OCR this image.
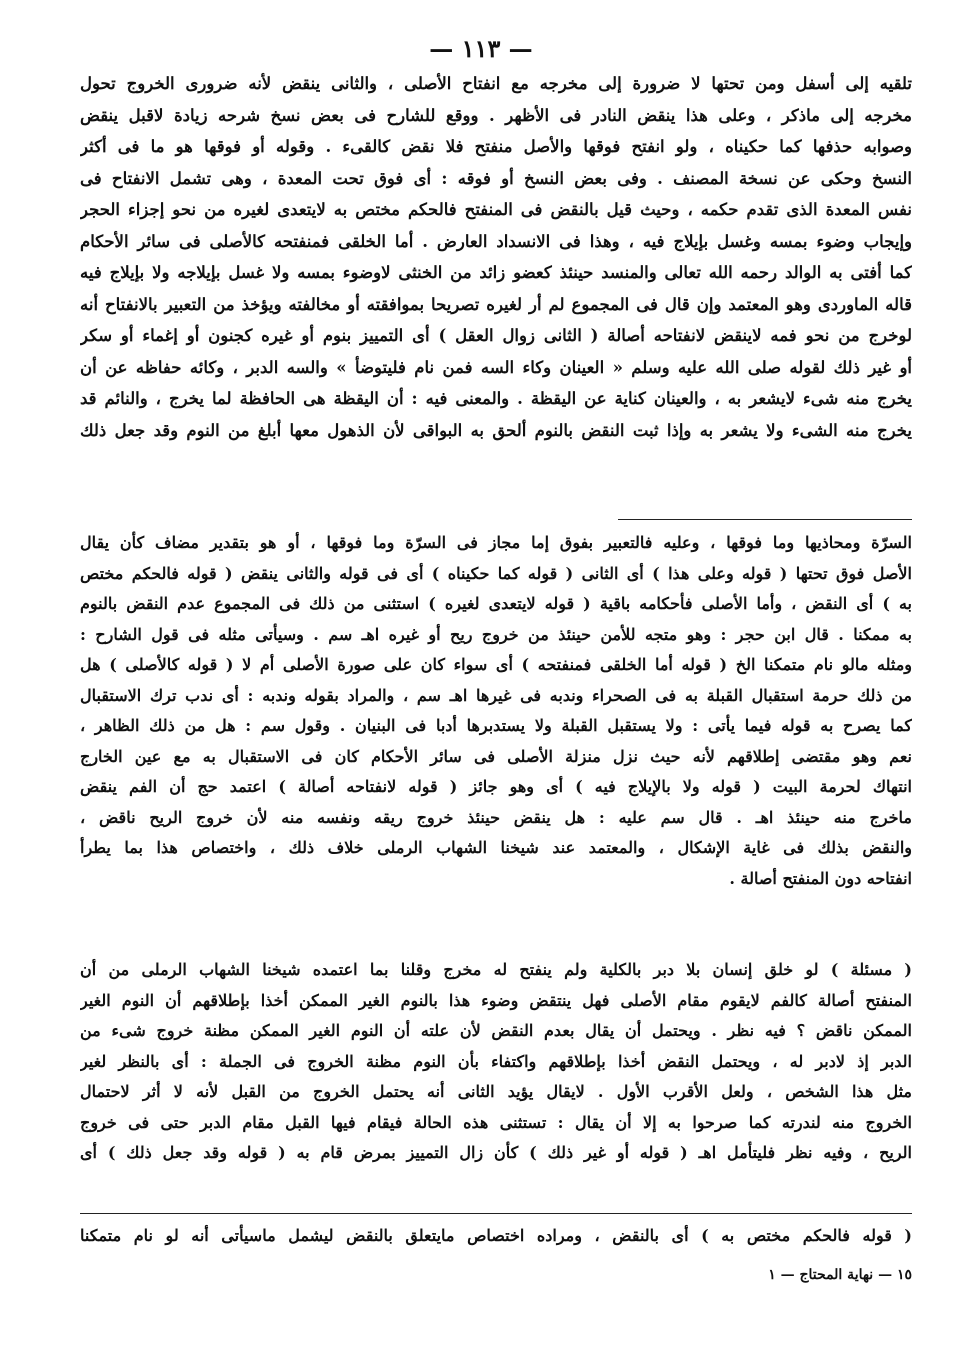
— ١١٣ —
تلقيه إلى أسفل ومن تحتها لا ضرورة إلى مخرجه مع انفتاح الأصلى ، والثانى ينقض لأنه ضرورى الخروج تحول
مخرجه إلى ماذكر ، وعلى هذا ينقض النادر فى الأظهر . ووقع للشارح فى بعض نسخ شرحه زيادة لاقبل ينقض
وصوابه حذفها كما حكيناه ، ولو انفتح فوقها والأصل منفتح فلا نقض كالقىء . وقوله أو فوقها هو ما فى أكثر
النسخ وحكى عن نسخة المصنف . وفى بعض النسخ أو فوقه : أى فوق تحت المعدة ، وهى تشمل الانفتاح فى
نفس المعدة الذى تقدم حكمه ، وحيث قيل بالنقض فى المنفتح فالحكم مختص به لايتعدى لغيره من نحو إجزاء الحجر
وإيجاب وضوء بمسه وغسل بإيلاج فيه ، وهذا فى الانسداد العارض . أما الخلقى فمنفتحه كالأصلى فى سائر الأحكام
كما أفتى به الوالد رحمه الله تعالى والمنسد حينئذ كعضو زائد من الخنثى لاوضوء بمسه ولا غسل بإيلاجه ولا بإيلاج فيه
قاله الماوردى وهو المعتمد وإن قال فى المجموع لم أر لغيره تصريحا بموافقته أو مخالفته ويؤخذ من التعبير بالانفتاح أنه
لوخرج من نحو فمه لاينقض لانفتاحه أصالة ( الثانى زوال العقل ) أى التمييز بنوم أو غيره كجنون أو إغماء أو سكر
أو غير ذلك لقوله صلى الله عليه وسلم « العينان وكاء السه فمن نام فليتوضأ » والسه الدبر ، وكائه حفاظه عن أن
يخرج منه شىء لايشعر به ، والعينان كناية عن اليقظة . والمعنى فيه : أن اليقظة هى الحافظة لما يخرج ، والنائم قد
يخرج منه الشىء ولا يشعر به وإذا ثبت النقض بالنوم ألحق به البواقى لأن الذهول معها أبلغ من النوم وقد جعل ذلك
السرّة ومحاذيها وما فوقها ، وعليه فالتعبير بفوق إما مجاز فى السرّة وما فوقها ، أو هو بتقدير مضاف كأن يقال
الأصل فوق تحتها ( قوله وعلى هذا ) أى الثانى ( قوله كما حكيناه ) أى فى قوله والثانى ينقض ( قوله فالحكم مختص
به ) أى النقض ، وأما الأصلى فأحكامه باقية ( قوله لايتعدى لغيره ) استثنى من ذلك فى المجموع عدم النقض بالنوم
به ممكنا . قال ابن حجر : وهو متجه للأمن حينئذ من خروج ريح أو غيره اهـ سم . وسيأتى مثله فى قول الشارح :
ومثله مالو نام متمكنا الخ ( قوله أما الخلقى فمنفتحه ) أى سواء كان على صورة الأصلى أم لا ( قوله كالأصلى ) هل
من ذلك حرمة استقبال القبلة به فى الصحراء وندبه فى غيرها اهـ سم ، والمراد بقوله وندبه : أى ندب ترك الاستقبال
كما يصرح به قوله فيما يأتى : ولا يستقبل القبلة ولا يستدبرها أدبا فى البنيان . وقول سم : هل من ذلك الظاهر ،
نعم وهو مقتضى إطلاقهم لأنه حيث نزل منزلة الأصلى فى سائر الأحكام كان فى الاستقبال به مع عين الخارج
انتهاك لحرمة البيت ( قوله ولا بالإيلاج فيه ) أى وهو جائز ( قوله لانفتاحه أصالة ) اعتمد حج أن الفم ينقض
ماخرج منه حينئذ اهـ . قال سم عليه : هل ينقض حينئذ خروج ريقه ونفسه منه لأن خروج الريح ناقض ،
والنقض بذلك فى غاية الإشكال ، والمعتمد عند شيخنا الشهاب الرملى خلاف ذلك ، واختصاص هذا بما يطرأ
انفتاحه دون المنفتح أصالة .
( مسئلة ) لو خلق إنسان بلا دبر بالكلية ولم ينفتح له مخرج وقلنا بما اعتمده شيخنا الشهاب الرملى من أن
المنفتح أصالة كالفم لايقوم مقام الأصلى فهل ينتقض وضوء هذا بالنوم الغير الممكن أخذا بإطلاقهم أن النوم الغير
الممكن ناقض ؟ فيه نظر . ويحتمل أن يقال بعدم النقض لأن علته أن النوم الغير الممكن مظنة خروج شىء من
الدبر إذ لادبر له ، ويحتمل النقض أخذا بإطلاقهم واكتفاء بأن النوم مظنة الخروج فى الجملة : أى بالنظر لغير
مثل هذا الشخص ، ولعل الأقرب الأول . لايقال يؤيد الثانى أنه يحتمل الخروج من القبل لأنه لا أثر لاحتمال
الخروج منه لندرته كما صرحوا به إلا أن يقال : تستثنى هذه الحالة فيقام فيها القبل مقام الدبر حتى فى خروج
الريح ، وفيه نظر فليتأمل اهـ ( قوله أو غير ذلك ) كأن زال التمييز بمرض قام به ( قوله وقد جعل ذلك ) أى
( قوله فالحكم مختص به ) أى بالنقض ، ومراده اختصاص مايتعلق بالنقض ليشمل ماسيأتى أنه لو نام متمكنا
١٥ — نهاية المحتاج — ١
